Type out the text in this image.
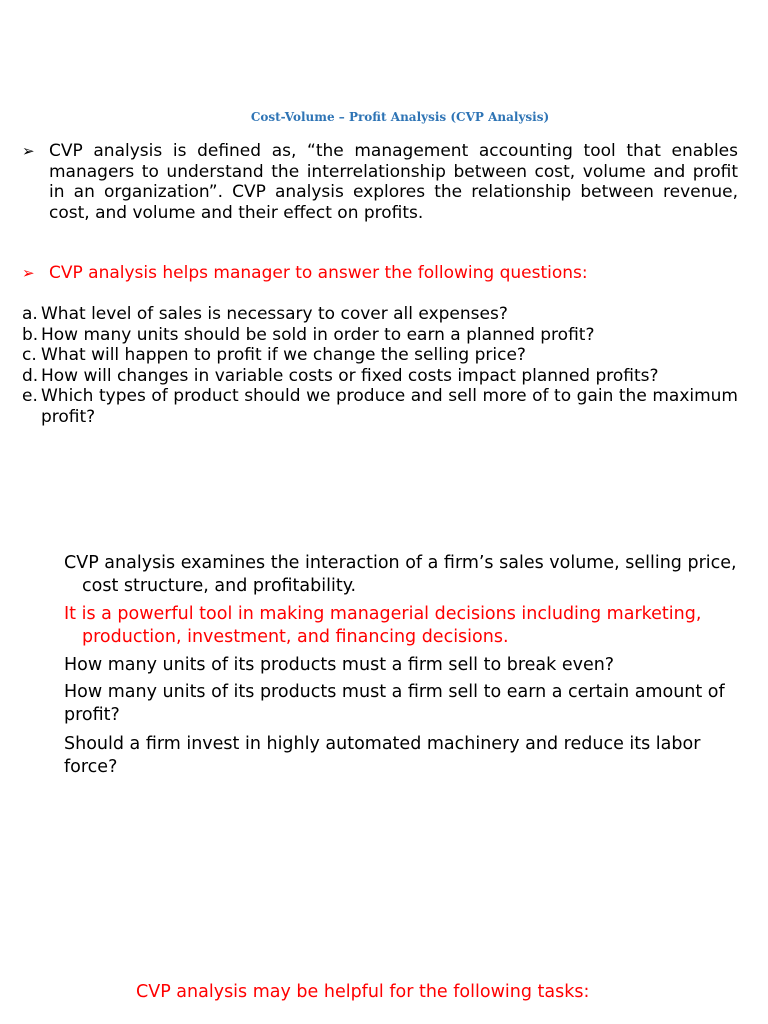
Cost-Volume – Profit Analysis (CVP Analysis)
➢ CVP analysis is defined as, “the management accounting tool that enables managers to understand the interrelationship between cost, volume and profit in an organization”. CVP analysis explores the relationship between revenue, cost, and volume and their effect on profits.
➢ CVP analysis helps manager to answer the following questions:
a. What level of sales is necessary to cover all expenses?
b. How many units should be sold in order to earn a planned profit?
c. What will happen to profit if we change the selling price?
d. How will changes in variable costs or fixed costs impact planned profits?
e. Which types of product should we produce and sell more of to gain the maximum profit?
CVP analysis examines the interaction of a firm’s sales volume, selling price, cost structure, and profitability.
It is a powerful tool in making managerial decisions including marketing, production, investment, and financing decisions.
How many units of its products must a firm sell to break even?
How many units of its products must a firm sell to earn a certain amount of profit?
Should a firm invest in highly automated machinery and reduce its labor force?
CVP analysis may be helpful for the following tasks:
